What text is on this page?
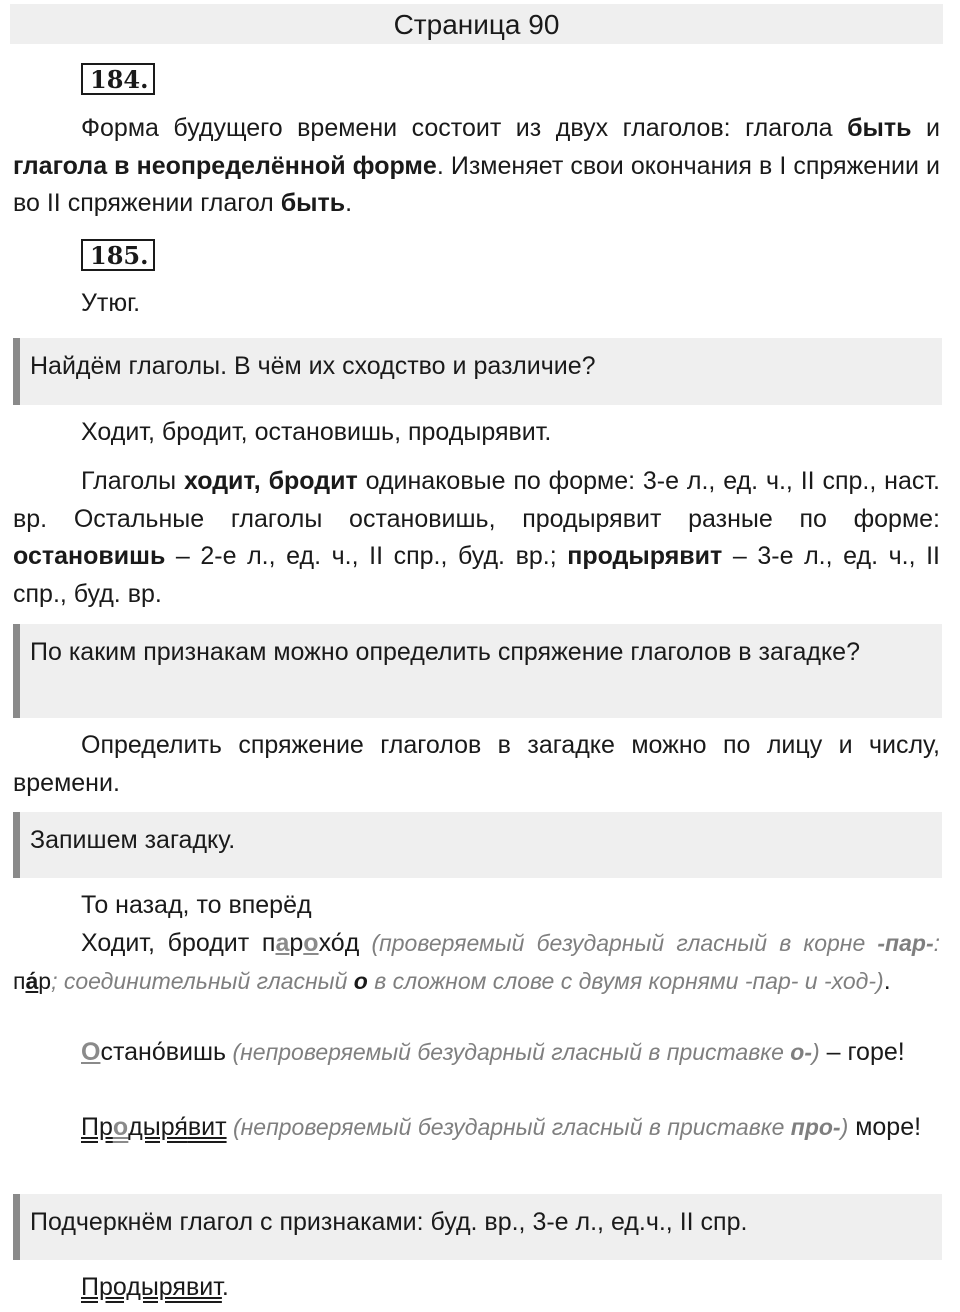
Страница 90
184.

Форма будущего времени состоит из двух глаголов: глагола быть и глагола в неопределённой форме. Изменяет свои окончания в I спряжении и во II спряжении глагол быть.

185.

Утюг.

Найдём глаголы. В чём их сходство и различие?

Ходит, бродит, остановишь, продырявит.

Глаголы ходит, бродит одинаковые по форме: 3-е л., ед. ч., II спр., наст. вр. Остальные глаголы остановишь, продырявит разные по форме: остановишь – 2-е л., ед. ч., II спр., буд. вр.; продырявит – 3-е л., ед. ч., II спр., буд. вр.

По каким признакам можно определить спряжение глаголов в загадке?

Определить спряжение глаголов в загадке можно по лицу и числу, времени.

Запишем загадку.

То назад, то вперёд

Ходит, бродит парохо ́д (проверяемый безударный гласный в корне -пар-: па ́р; соединительный гласный о в сложном слове с двумя корнями -пар- и -ход-).

Остано ́вишь (непроверяемый безударный гласный в приставке о-) – горе!

Продыря ́вит (непроверяемый безударный гласный в приставке про-) море!

Подчеркнём глагол с признаками: буд. вр., 3-е л., ед.ч., II спр.

Продырявит.
